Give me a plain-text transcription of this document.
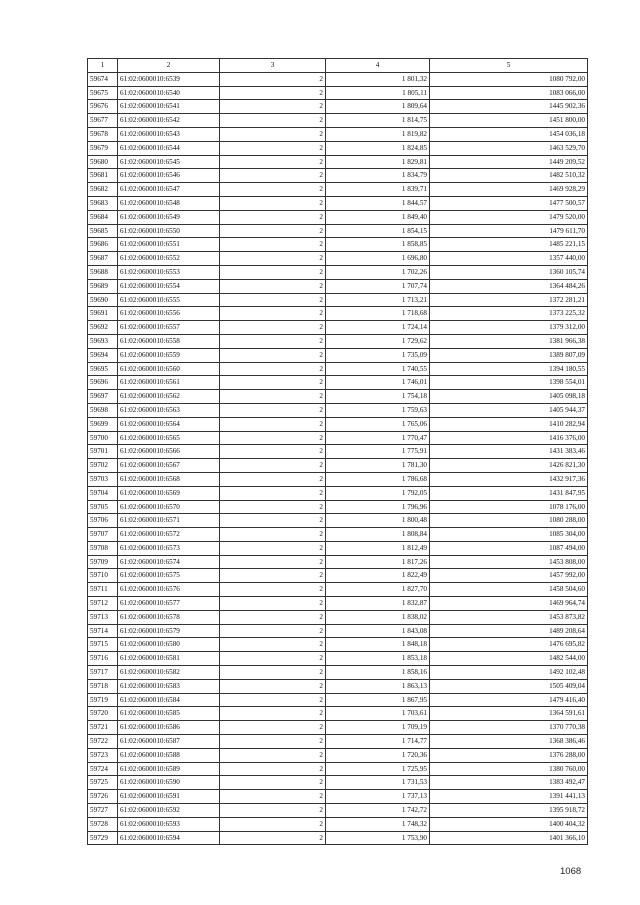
1	2	3	4	5
59674	61:02:0600010:6539	2	1 801,32	1080 792,00
59675	61:02:0600010:6540	2	1 805,11	1083 066,00
59676	61:02:0600010:6541	2	1 809,64	1445 902,36
59677	61:02:0600010:6542	2	1 814,75	1451 800,00
59678	61:02:0600010:6543	2	1 819,82	1454 036,18
59679	61:02:0600010:6544	2	1 824,85	1463 529,70
59680	61:02:0600010:6545	2	1 829,81	1449 209,52
59681	61:02:0600010:6546	2	1 834,79	1482 510,32
59682	61:02:0600010:6547	2	1 839,71	1469 928,29
59683	61:02:0600010:6548	2	1 844,57	1477 500,57
59684	61:02:0600010:6549	2	1 849,40	1479 520,00
59685	61:02:0600010:6550	2	1 854,15	1479 611,70
59686	61:02:0600010:6551	2	1 858,85	1485 221,15
59687	61:02:0600010:6552	2	1 696,80	1357 440,00
59688	61:02:0600010:6553	2	1 702,26	1360 105,74
59689	61:02:0600010:6554	2	1 707,74	1364 484,26
59690	61:02:0600010:6555	2	1 713,21	1372 281,21
59691	61:02:0600010:6556	2	1 718,68	1373 225,32
59692	61:02:0600010:6557	2	1 724,14	1379 312,00
59693	61:02:0600010:6558	2	1 729,62	1381 966,38
59694	61:02:0600010:6559	2	1 735,09	1389 807,09
59695	61:02:0600010:6560	2	1 740,55	1394 180,55
59696	61:02:0600010:6561	2	1 746,01	1398 554,01
59697	61:02:0600010:6562	2	1 754,18	1405 098,18
59698	61:02:0600010:6563	2	1 759,63	1405 944,37
59699	61:02:0600010:6564	2	1 765,06	1410 282,94
59700	61:02:0600010:6565	2	1 770,47	1416 376,00
59701	61:02:0600010:6566	2	1 775,91	1431 383,46
59702	61:02:0600010:6567	2	1 781,30	1426 821,30
59703	61:02:0600010:6568	2	1 786,68	1432 917,36
59704	61:02:0600010:6569	2	1 792,05	1431 847,95
59705	61:02:0600010:6570	2	1 796,96	1078 176,00
59706	61:02:0600010:6571	2	1 800,48	1080 288,00
59707	61:02:0600010:6572	2	1 808,84	1085 304,00
59708	61:02:0600010:6573	2	1 812,49	1087 494,00
59709	61:02:0600010:6574	2	1 817,26	1453 808,00
59710	61:02:0600010:6575	2	1 822,49	1457 992,00
59711	61:02:0600010:6576	2	1 827,70	1458 504,60
59712	61:02:0600010:6577	2	1 832,87	1469 964,74
59713	61:02:0600010:6578	2	1 838,02	1453 873,82
59714	61:02:0600010:6579	2	1 843,08	1489 208,64
59715	61:02:0600010:6580	2	1 848,18	1476 695,82
59716	61:02:0600010:6581	2	1 853,18	1482 544,00
59717	61:02:0600010:6582	2	1 858,16	1492 102,48
59718	61:02:0600010:6583	2	1 863,13	1505 409,04
59719	61:02:0600010:6584	2	1 867,95	1479 416,40
59720	61:02:0600010:6585	2	1 703,61	1364 591,61
59721	61:02:0600010:6586	2	1 709,19	1370 770,38
59722	61:02:0600010:6587	2	1 714,77	1368 386,46
59723	61:02:0600010:6588	2	1 720,36	1376 288,00
59724	61:02:0600010:6589	2	1 725,95	1380 760,00
59725	61:02:0600010:6590	2	1 731,53	1383 492,47
59726	61:02:0600010:6591	2	1 737,13	1391 441,13
59727	61:02:0600010:6592	2	1 742,72	1395 918,72
59728	61:02:0600010:6593	2	1 748,32	1400 404,32
59729	61:02:0600010:6594	2	1 753,90	1401 366,10
1068
